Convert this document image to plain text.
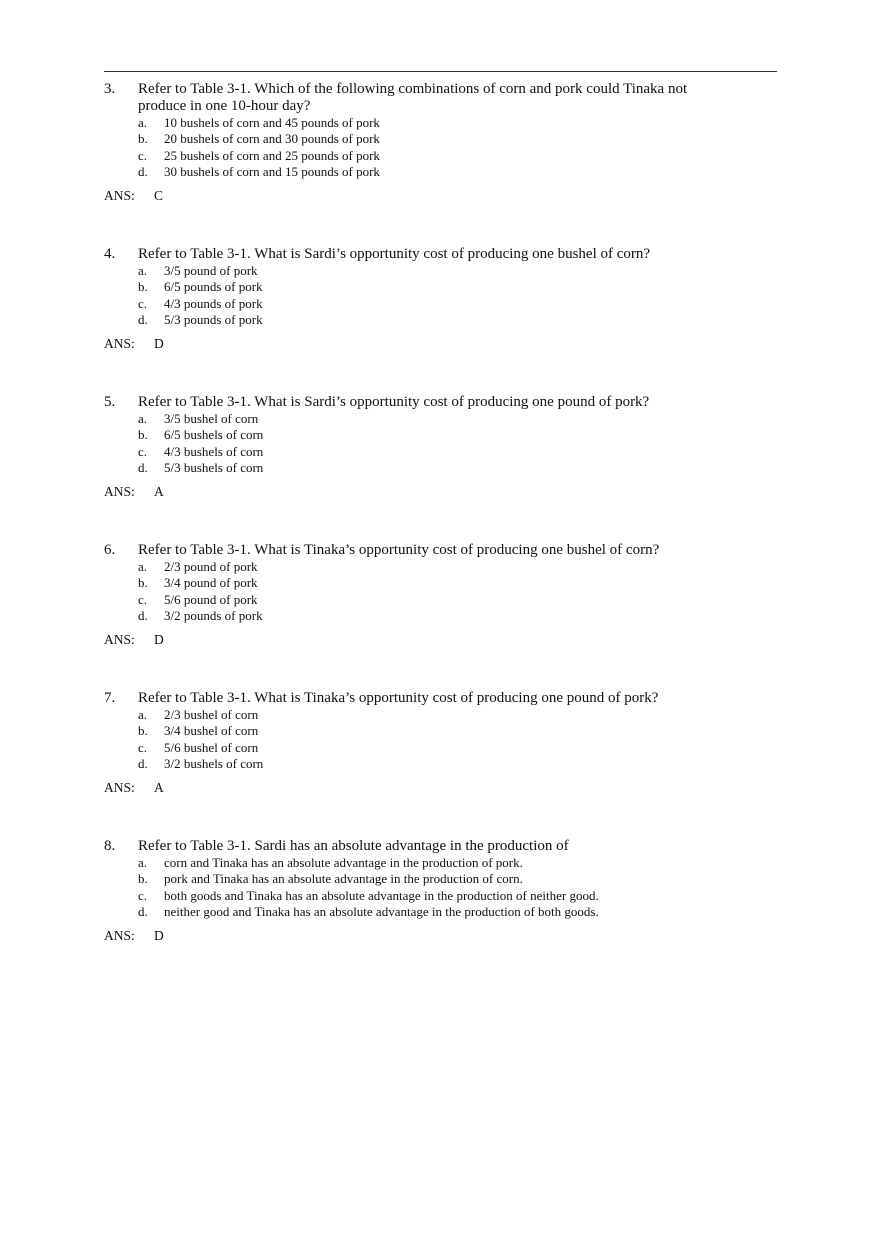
3. Refer to Table 3-1. Which of the following combinations of corn and pork could Tinaka not produce in one 10-hour day?
a. 10 bushels of corn and 45 pounds of pork
b. 20 bushels of corn and 30 pounds of pork
c. 25 bushels of corn and 25 pounds of pork
d. 30 bushels of corn and 15 pounds of pork
ANS: C
4. Refer to Table 3-1. What is Sardi’s opportunity cost of producing one bushel of corn?
a. 3/5 pound of pork
b. 6/5 pounds of pork
c. 4/3 pounds of pork
d. 5/3 pounds of pork
ANS: D
5. Refer to Table 3-1. What is Sardi’s opportunity cost of producing one pound of pork?
a. 3/5 bushel of corn
b. 6/5 bushels of corn
c. 4/3 bushels of corn
d. 5/3 bushels of corn
ANS: A
6. Refer to Table 3-1. What is Tinaka’s opportunity cost of producing one bushel of corn?
a. 2/3 pound of pork
b. 3/4 pound of pork
c. 5/6 pound of pork
d. 3/2 pounds of pork
ANS: D
7. Refer to Table 3-1. What is Tinaka’s opportunity cost of producing one pound of pork?
a. 2/3 bushel of corn
b. 3/4 bushel of corn
c. 5/6 bushel of corn
d. 3/2 bushels of corn
ANS: A
8. Refer to Table 3-1. Sardi has an absolute advantage in the production of
a. corn and Tinaka has an absolute advantage in the production of pork.
b. pork and Tinaka has an absolute advantage in the production of corn.
c. both goods and Tinaka has an absolute advantage in the production of neither good.
d. neither good and Tinaka has an absolute advantage in the production of both goods.
ANS: D
